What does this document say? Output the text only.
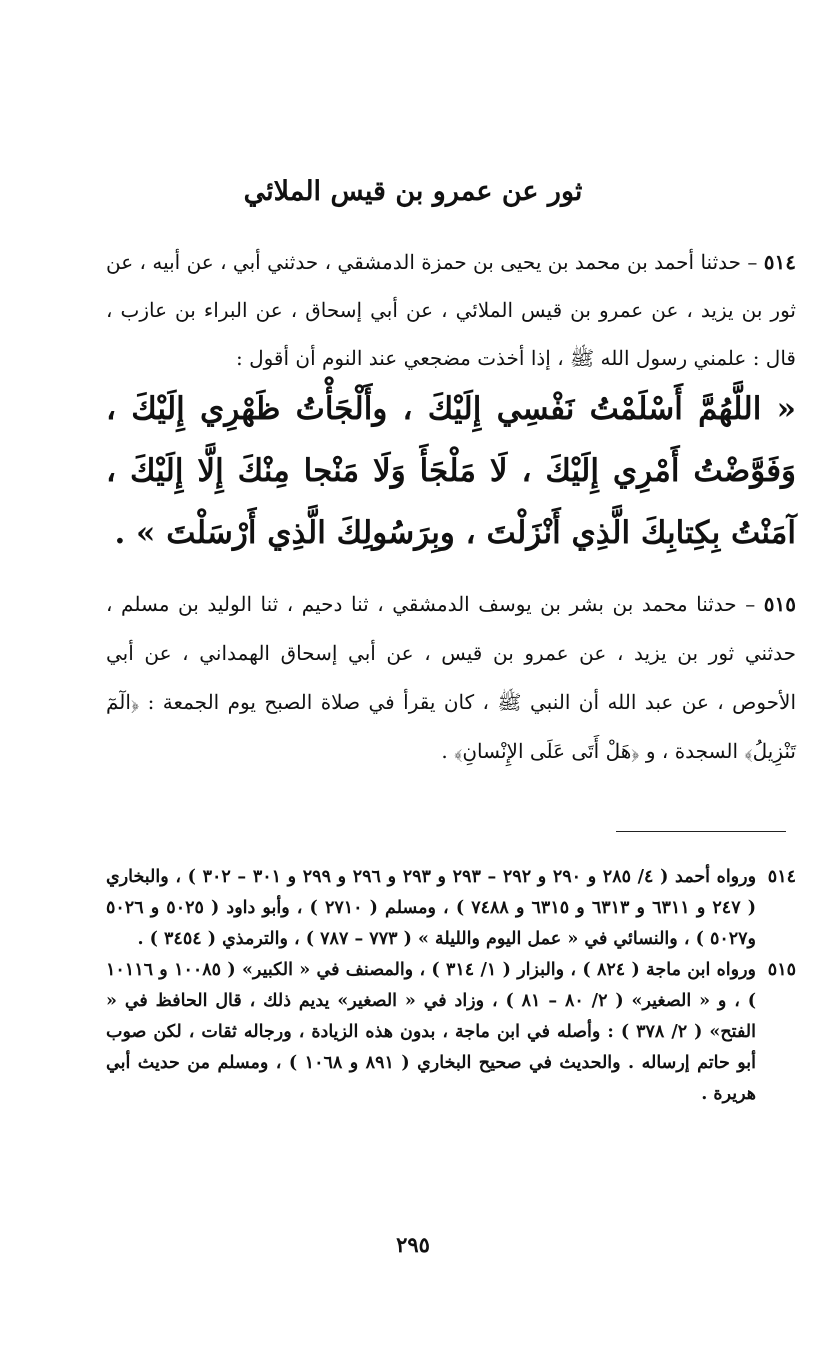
ثور عن عمرو بن قيس الملائي

٥١٤ – حدثنا أحمد بن محمد بن يحيى بن حمزة الدمشقي ، حدثني أبي ، عن أبيه ، عن ثور بن يزيد ، عن عمرو بن قيس الملائي ، عن أبي إسحاق ، عن البراء بن عازب ، قال : علمني رسول الله ﷺ ، إذا أخذت مضجعي عند النوم أن أقول :

« اللَّهُمَّ أَسْلَمْتُ نَفْسِي إِلَيْكَ ، وأَلْجَأْتُ ظَهْرِي إِلَيْكَ ، وَفَوَّضْتُ أَمْرِي إِلَيْكَ ، لَا مَلْجَأَ وَلَا مَنْجا مِنْكَ إِلَّا إِلَيْكَ ، آمَنْتُ بِكِتابِكَ الَّذِي أَنْزَلْتَ ، وبِرَسُولِكَ الَّذِي أَرْسَلْتَ » .

٥١٥ – حدثنا محمد بن بشر بن يوسف الدمشقي ، ثنا دحيم ، ثنا الوليد بن مسلم ، حدثني ثور بن يزيد ، عن عمرو بن قيس ، عن أبي إسحاق الهمداني ، عن أبي الأحوص ، عن عبد الله أن النبي ﷺ ، كان يقرأ في صلاة الصبح يوم الجمعة : ﴿الٓمٓ تَنْزِيلُ﴾ السجدة ، و ﴿هَلْ أَتَى عَلَى الإِنْسانِ﴾ .

٥١٤
ورواه أحمد ( ٤/ ٢٨٥ و ٢٩٠ و ٢٩٢ – ٢٩٣ و ٢٩٣ و ٢٩٦ و ٢٩٩ و ٣٠١ – ٣٠٢ ) ، والبخاري ( ٢٤٧ و ٦٣١١ و ٦٣١٣ و ٦٣١٥ و ٧٤٨٨ ) ، ومسلم ( ٢٧١٠ ) ، وأبو داود ( ٥٠٢٥ و ٥٠٢٦ و٥٠٢٧ ) ، والنسائي في « عمل اليوم والليلة » ( ٧٧٣ – ٧٨٧ ) ، والترمذي ( ٣٤٥٤ ) .
٥١٥
ورواه ابن ماجة ( ٨٢٤ ) ، والبزار ( ١/ ٣١٤ ) ، والمصنف في « الكبير» ( ١٠٠٨٥ و ١٠١١٦ ) ، و « الصغير» ( ٢/ ٨٠ – ٨١ ) ، وزاد في « الصغير» يديم ذلك ، قال الحافظ في « الفتح» ( ٢/ ٣٧٨ ) : وأصله في ابن ماجة ، بدون هذه الزيادة ، ورجاله ثقات ، لكن صوب أبو حاتم إرساله . والحديث في صحيح البخاري ( ٨٩١ و ١٠٦٨ ) ، ومسلم من حديث أبي هريرة .
٢٩٥
